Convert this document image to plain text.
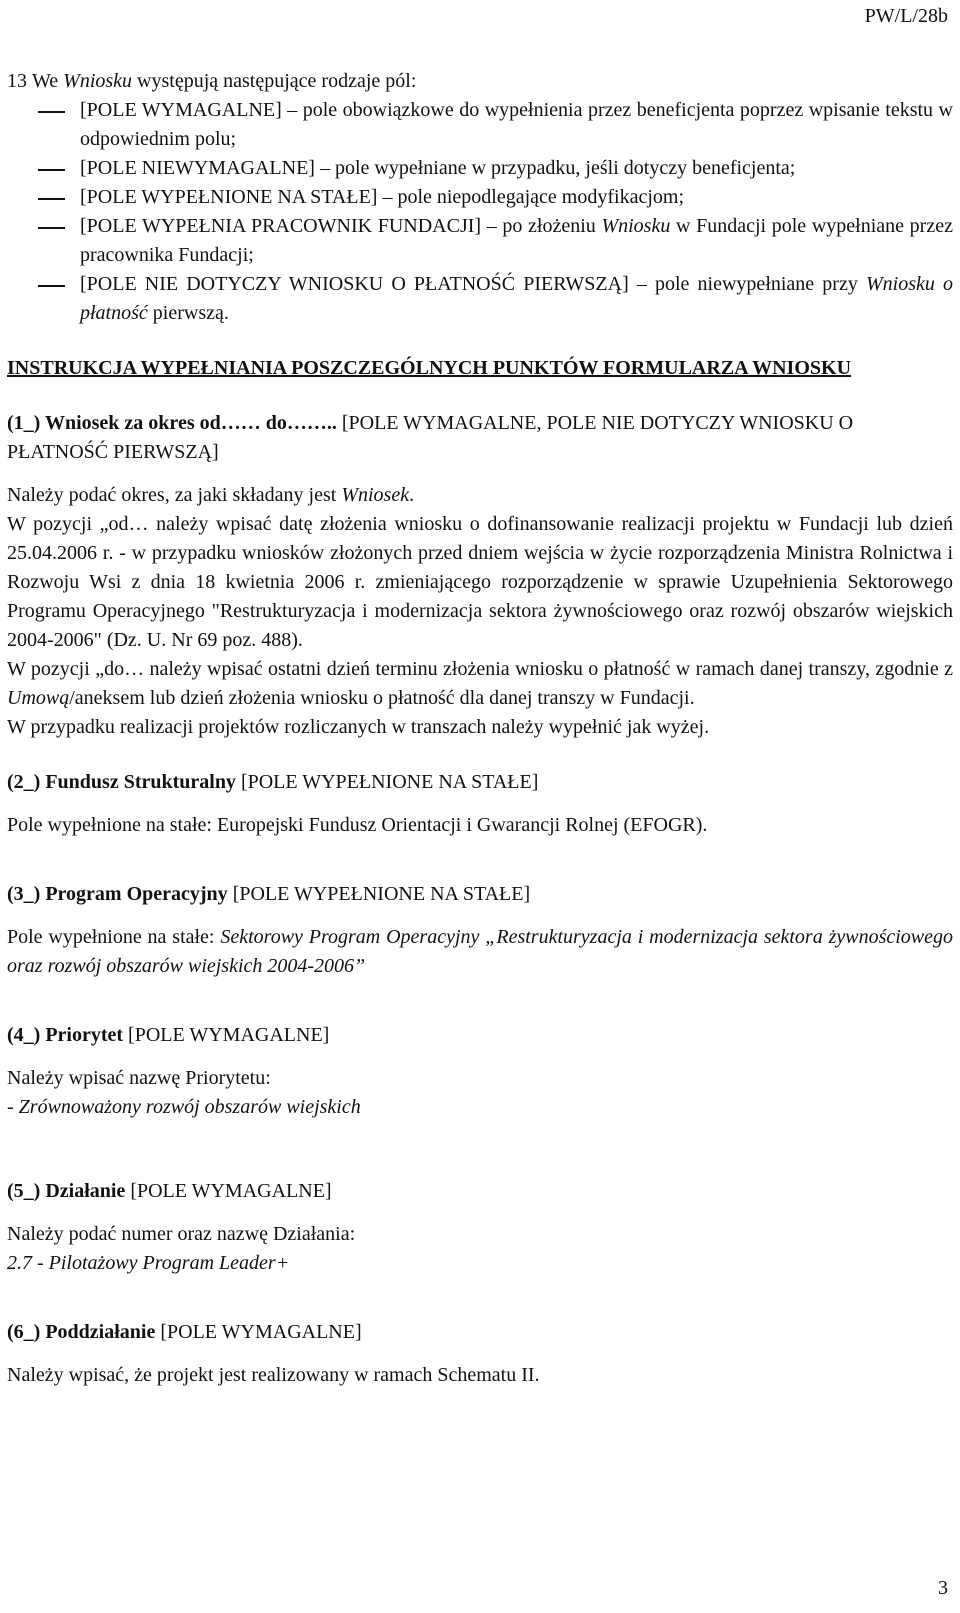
PW/L/28b

13 We Wniosku występują następujące rodzaje pól:

[POLE WYMAGALNE] – pole obowiązkowe do wypełnienia przez beneficjenta poprzez wpisanie tekstu w odpowiednim polu;
[POLE NIEWYMAGALNE] – pole wypełniane w przypadku, jeśli dotyczy beneficjenta;
[POLE WYPEŁNIONE NA STAŁE] – pole niepodlegające modyfikacjom;
[POLE WYPEŁNIA PRACOWNIK FUNDACJI] – po złożeniu Wniosku w Fundacji pole wypełniane przez pracownika Fundacji;
[POLE NIE DOTYCZY WNIOSKU O PŁATNOŚĆ PIERWSZĄ] – pole niewypełniane przy Wniosku o płatność pierwszą.

INSTRUKCJA WYPEŁNIANIA POSZCZEGÓLNYCH PUNKTÓW FORMULARZA WNIOSKU

(1_) Wniosek za okres od…… do…….. [POLE WYMAGALNE, POLE NIE DOTYCZY WNIOSKU O PŁATNOŚĆ PIERWSZĄ]

Należy podać okres, za jaki składany jest Wniosek.

W pozycji „od… należy wpisać datę złożenia wniosku o dofinansowanie realizacji projektu w Fundacji lub dzień 25.04.2006 r. - w przypadku wniosków złożonych przed dniem wejścia w życie rozporządzenia Ministra Rolnictwa i Rozwoju Wsi z dnia 18 kwietnia 2006 r. zmieniającego rozporządzenie w sprawie Uzupełnienia Sektorowego Programu Operacyjnego "Restrukturyzacja i modernizacja sektora żywnościowego oraz rozwój obszarów wiejskich 2004-2006" (Dz. U. Nr 69 poz. 488).

W pozycji „do… należy wpisać ostatni dzień terminu złożenia wniosku o płatność w ramach danej transzy, zgodnie z Umową/aneksem lub dzień złożenia wniosku o płatność dla danej transzy w Fundacji.

W przypadku realizacji projektów rozliczanych w transzach należy wypełnić jak wyżej.

(2_) Fundusz Strukturalny [POLE WYPEŁNIONE NA STAŁE]

Pole wypełnione na stałe: Europejski Fundusz Orientacji i Gwarancji Rolnej (EFOGR).

(3_) Program Operacyjny [POLE WYPEŁNIONE NA STAŁE]

Pole wypełnione na stałe: Sektorowy Program Operacyjny „Restrukturyzacja i modernizacja sektora żywnościowego oraz rozwój obszarów wiejskich 2004-2006”

(4_) Priorytet [POLE WYMAGALNE]

Należy wpisać nazwę Priorytetu:

- Zrównoważony rozwój obszarów wiejskich

(5_) Działanie [POLE WYMAGALNE]

Należy podać numer oraz nazwę Działania:

2.7 - Pilotażowy Program Leader+

(6_) Poddziałanie [POLE WYMAGALNE]

Należy wpisać, że projekt jest realizowany w ramach Schematu II.

3
